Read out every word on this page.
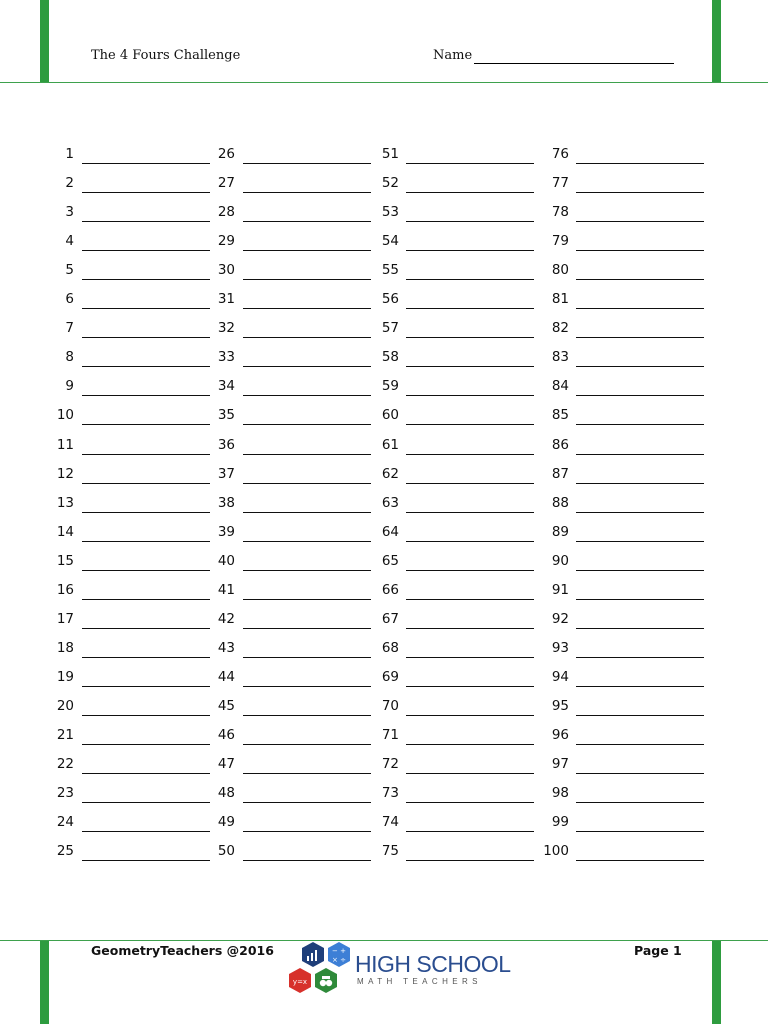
The 4 Fours Challenge	Name
1
2
3
4
5
6
7
8
9
10
11
12
13
14
15
16
17
18
19
20
21
22
23
24
25
26
27
28
29
30
31
32
33
34
35
36
37
38
39
40
41
42
43
44
45
46
47
48
49
50
51
52
53
54
55
56
57
58
59
60
61
62
63
64
65
66
67
68
69
70
71
72
73
74
75
76
77
78
79
80
81
82
83
84
85
86
87
88
89
90
91
92
93
94
95
96
97
98
99
100
GeometryTeachers @2016	Page 1
− +
× ÷
y=x
HIGH SCHOOL
MATH TEACHERS
